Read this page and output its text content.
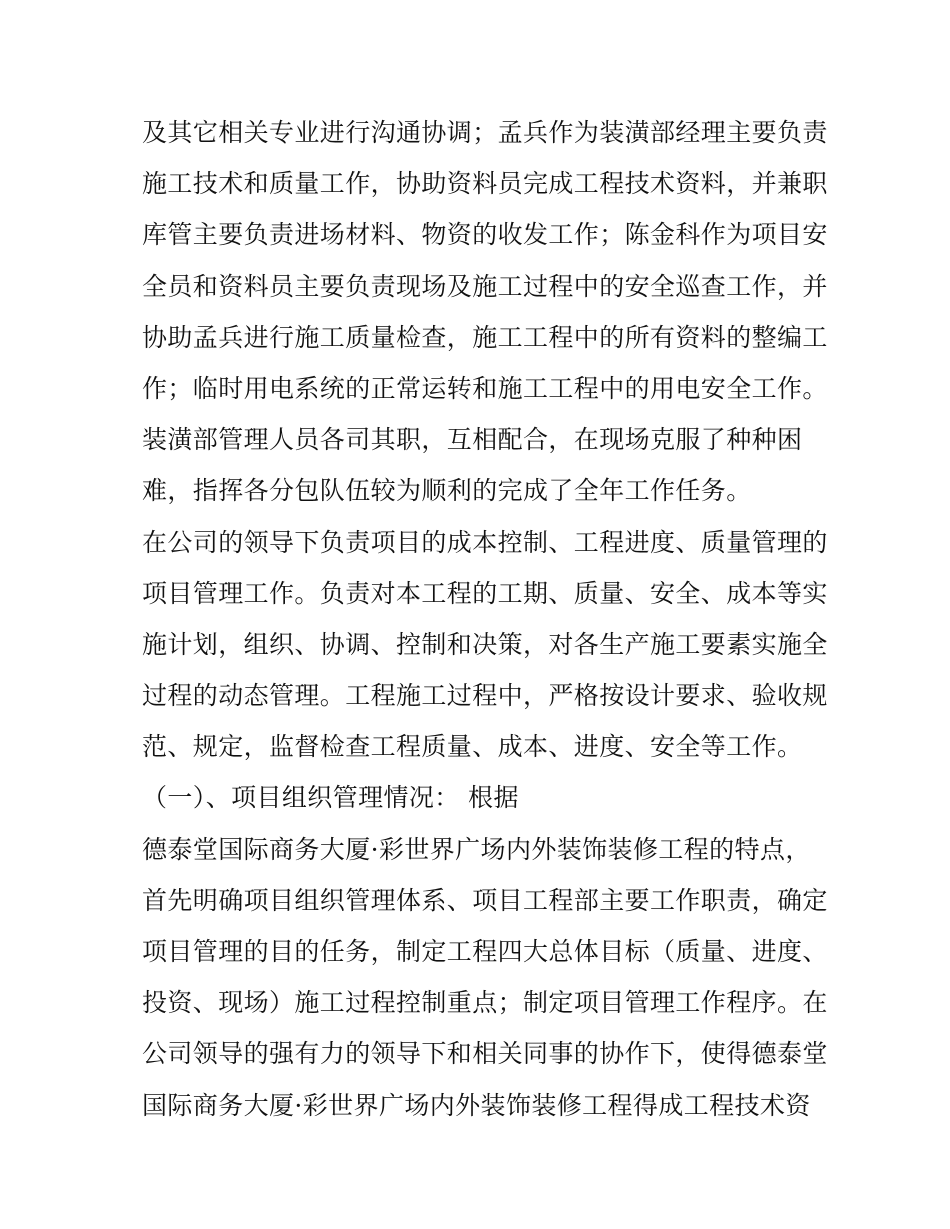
及其它相关专业进行沟通协调；孟兵作为装潢部经理主要负责
施工技术和质量工作，协助资料员完成工程技术资料，并兼职
库管主要负责进场材料、物资的收发工作；陈金科作为项目安
全员和资料员主要负责现场及施工过程中的安全巡查工作，并
协助孟兵进行施工质量检查，施工工程中的所有资料的整编工
作；临时用电系统的正常运转和施工工程中的用电安全工作。
装潢部管理人员各司其职，互相配合，在现场克服了种种困
难，指挥各分包队伍较为顺利的完成了全年工作任务。
在公司的领导下负责项目的成本控制、工程进度、质量管理的
项目管理工作。负责对本工程的工期、质量、安全、成本等实
施计划，组织、协调、控制和决策，对各生产施工要素实施全
过程的动态管理。工程施工过程中，严格按设计要求、验收规
范、规定，监督检查工程质量、成本、进度、安全等工作。
（一）、项目组织管理情况： 根据
德泰堂国际商务大厦·彩世界广场内外装饰装修工程的特点，
首先明确项目组织管理体系、项目工程部主要工作职责，确定
项目管理的目的任务，制定工程四大总体目标（质量、进度、
投资、现场）施工过程控制重点；制定项目管理工作程序。在
公司领导的强有力的领导下和相关同事的协作下，使得德泰堂
国际商务大厦·彩世界广场内外装饰装修工程得成工程技术资
